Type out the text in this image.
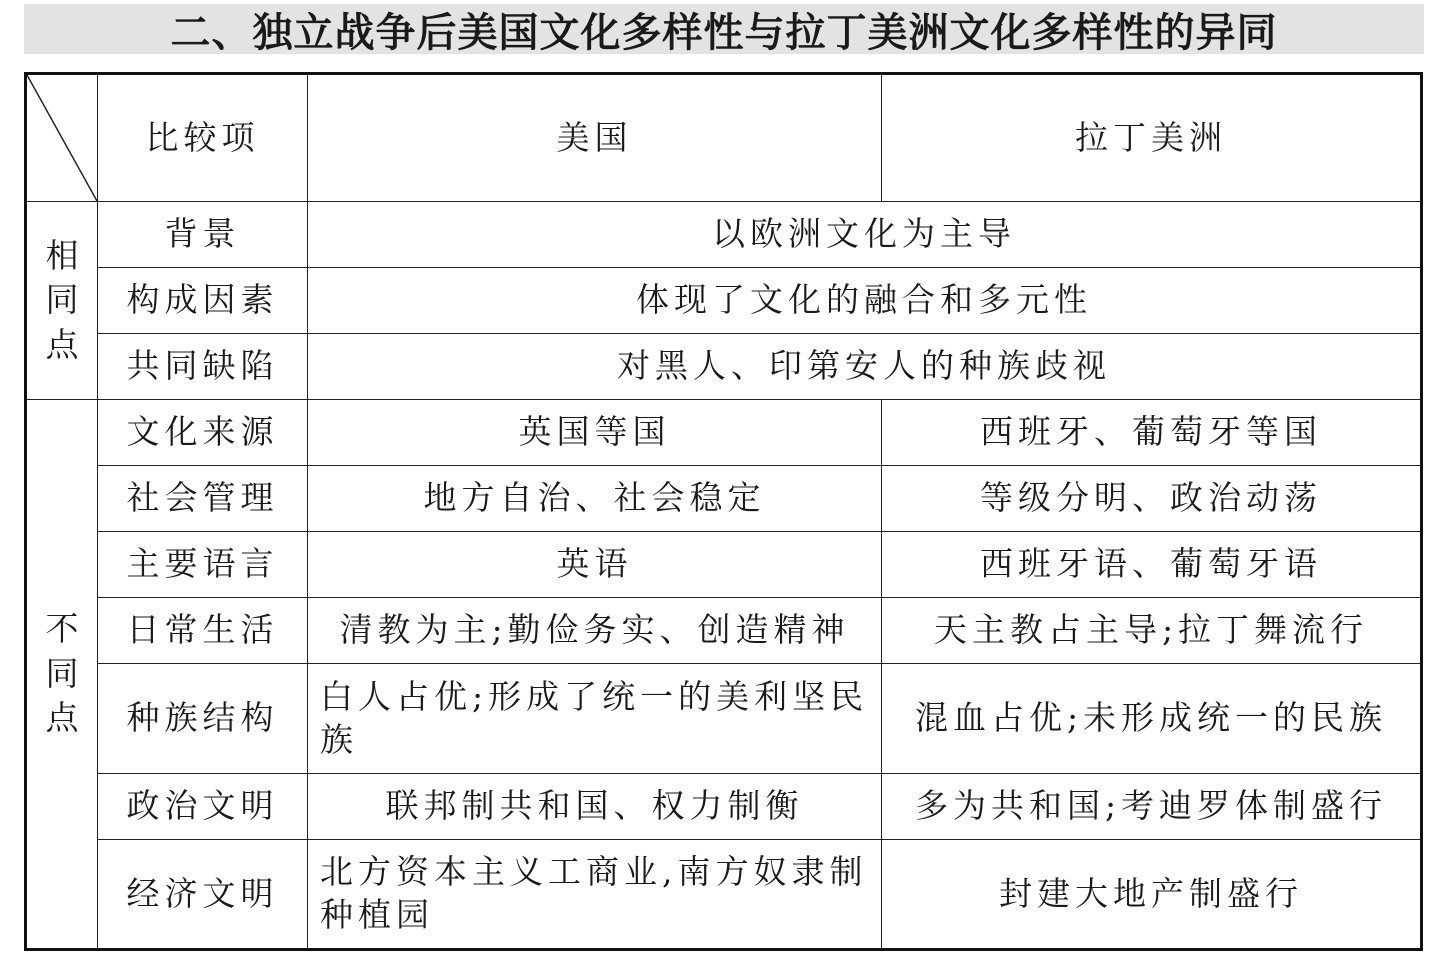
二、独立战争后美国文化多样性与拉丁美洲文化多样性的异同
	比较项	美国	拉丁美洲

相
同
点	背景	以欧洲文化为主导	
	构成因素	体现了文化的融合和多元性	
	共同缺陷	对黑人、印第安人的种族歧视	

不
同
点	文化来源	英国等国	西班牙、葡萄牙等国
	社会管理	地方自治、社会稳定	等级分明、政治动荡
	主要语言	英语	西班牙语、葡萄牙语
	日常生活	清教为主;勤俭务实、创造精神	天主教占主导;拉丁舞流行
	种族结构	白人占优;形成了统一的美利坚民族	混血占优;未形成统一的民族
	政治文明	联邦制共和国、权力制衡	多为共和国;考迪罗体制盛行
	经济文明	北方资本主义工商业,南方奴隶制种植园	封建大地产制盛行
